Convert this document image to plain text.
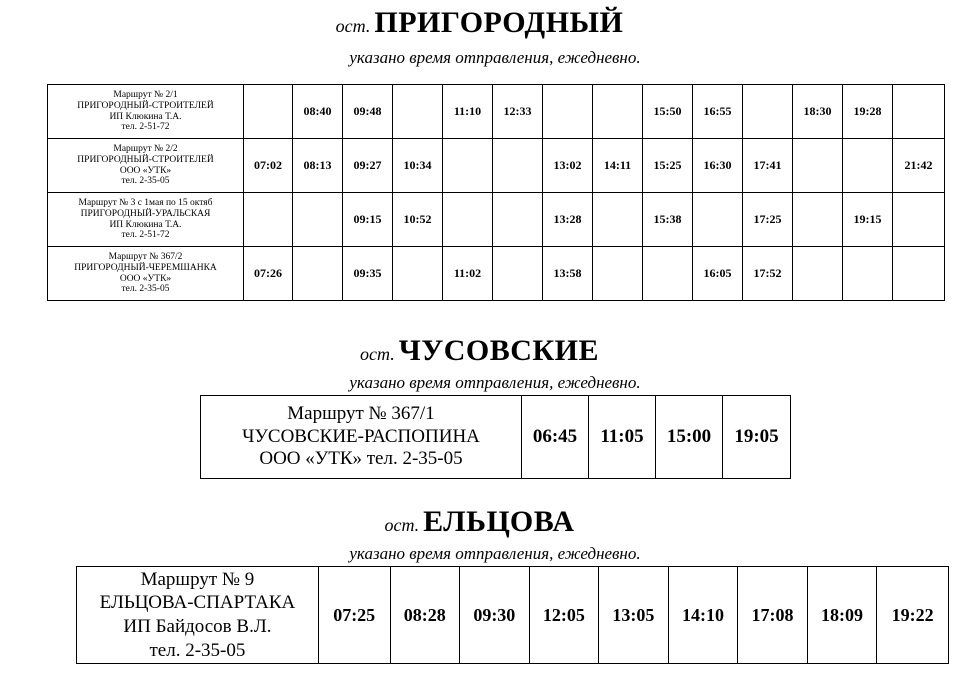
ост. ПРИГОРОДНЫЙ
указано время отправления, ежедневно.
Маршрут № 2/1
ПРИГОРОДНЫЙ-СТРОИТЕЛЕЙ
ИП Клюкина Т.А.
тел. 2-51-72		08:40	09:48		11:10	12:33			15:50	16:55		18:30	19:28	

Маршрут № 2/2
ПРИГОРОДНЫЙ-СТРОИТЕЛЕЙ
ООО «УТК»
тел. 2-35-05	07:02	08:13	09:27	10:34			13:02	14:11	15:25	16:30	17:41			21:42

Маршрут № 3 с 1мая по 15 октяб
ПРИГОРОДНЫЙ-УРАЛЬСКАЯ
ИП Клюкина Т.А.
тел. 2-51-72			09:15	10:52			13:28		15:38		17:25		19:15	

Маршрут № 367/2
ПРИГОРОДНЫЙ-ЧЕРЕМШАНКА
ООО «УТК»
тел. 2-35-05	07:26		09:35		11:02		13:58			16:05	17:52			
ост. ЧУСОВСКИЕ
указано время отправления, ежедневно.
Маршрут № 367/1
ЧУСОВСКИЕ-РАСПОПИНА
ООО «УТК» тел. 2-35-05
	06:45	11:05	15:00	19:05
ост. ЕЛЬЦОВА
указано время отправления, ежедневно.
Маршрут № 9
ЕЛЬЦОВА-СПАРТАКА
ИП Байдосов В.Л.
тел. 2-35-05
	07:25	08:28	09:30	12:05	13:05	14:10	17:08	18:09	19:22
